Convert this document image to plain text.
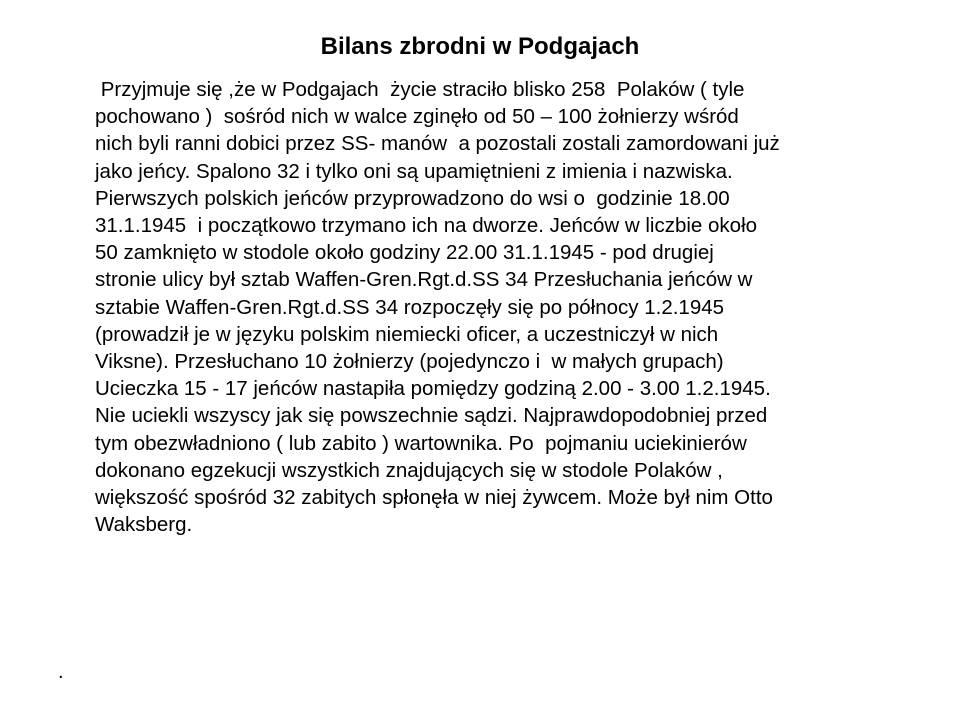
Bilans zbrodni w Podgajach
Przyjmuje się ,że w Podgajach  życie straciło blisko 258  Polaków ( tyle
pochowano )  sośród nich w walce zginęło od 50 – 100 żołnierzy wśród
nich byli ranni dobici przez SS- manów  a pozostali zostali zamordowani już
jako jeńcy. Spalono 32 i tylko oni są upamiętnieni z imienia i nazwiska.
Pierwszych polskich jeńców przyprowadzono do wsi o  godzinie 18.00
31.1.1945  i początkowo trzymano ich na dworze. Jeńców w liczbie około
50 zamknięto w stodole około godziny 22.00 31.1.1945 - pod drugiej
stronie ulicy był sztab Waffen-Gren.Rgt.d.SS 34 Przesłuchania jeńców w
sztabie Waffen-Gren.Rgt.d.SS 34 rozpoczęły się po północy 1.2.1945
(prowadził je w języku polskim niemiecki oficer, a uczestniczył w nich
Viksne). Przesłuchano 10 żołnierzy (pojedynczo i  w małych grupach)
Ucieczka 15 - 17 jeńców nastapiła pomiędzy godziną 2.00 - 3.00 1.2.1945.
Nie uciekli wszyscy jak się powszechnie sądzi. Najprawdopodobniej przed
tym obezwładniono ( lub zabito ) wartownika. Po  pojmaniu uciekinierów
dokonano egzekucji wszystkich znajdujących się w stodole Polaków ,
większość spośród 32 zabitych spłonęła w niej żywcem. Może był nim Otto
Waksberg.
.
